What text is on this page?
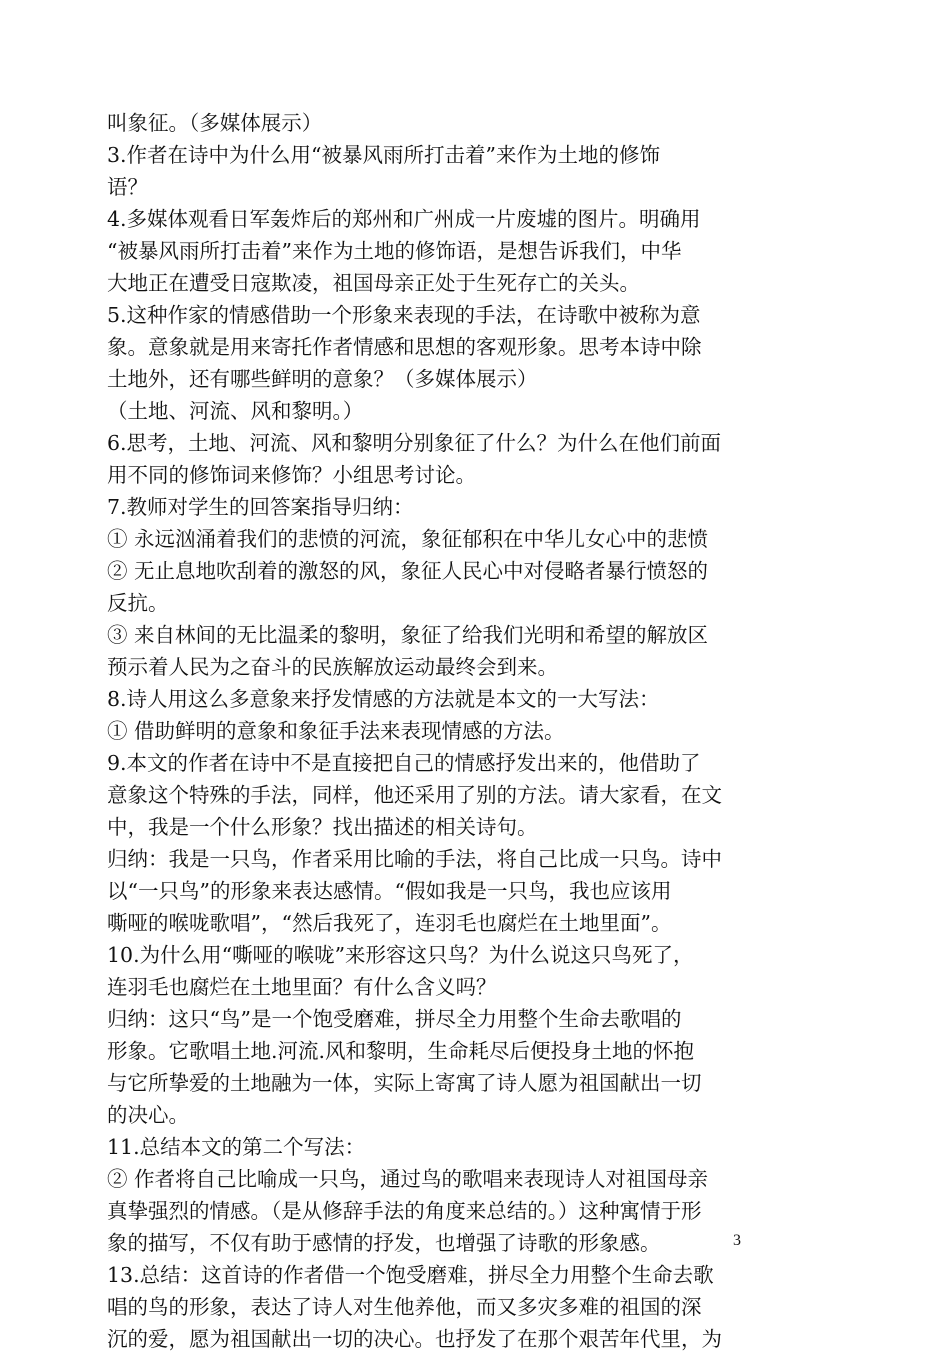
叫象征。（多媒体展示）
3.作者在诗中为什么用“被暴风雨所打击着”来作为土地的修饰
语？
4.多媒体观看日军轰炸后的郑州和广州成一片废墟的图片。明确用
“被暴风雨所打击着”来作为土地的修饰语，是想告诉我们，中华
大地正在遭受日寇欺凌，祖国母亲正处于生死存亡的关头。
5.这种作家的情感借助一个形象来表现的手法，在诗歌中被称为意
象。意象就是用来寄托作者情感和思想的客观形象。思考本诗中除
土地外，还有哪些鲜明的意象？（多媒体展示）
（土地、河流、风和黎明。）
6.思考，土地、河流、风和黎明分别象征了什么？为什么在他们前面
用不同的修饰词来修饰？小组思考讨论。
7.教师对学生的回答案指导归纳：
① 永远汹涌着我们的悲愤的河流，象征郁积在中华儿女心中的悲愤
② 无止息地吹刮着的激怒的风，象征人民心中对侵略者暴行愤怒的
反抗。
③ 来自林间的无比温柔的黎明，象征了给我们光明和希望的解放区
预示着人民为之奋斗的民族解放运动最终会到来。
8.诗人用这么多意象来抒发情感的方法就是本文的一大写法：
① 借助鲜明的意象和象征手法来表现情感的方法。
9.本文的作者在诗中不是直接把自己的情感抒发出来的，他借助了
意象这个特殊的手法，同样，他还采用了别的方法。请大家看，在文
中，我是一个什么形象？找出描述的相关诗句。
归纳：我是一只鸟，作者采用比喻的手法，将自己比成一只鸟。诗中
以“一只鸟”的形象来表达感情。“假如我是一只鸟，我也应该用
嘶哑的喉咙歌唱”，“然后我死了，连羽毛也腐烂在土地里面”。
10.为什么用“嘶哑的喉咙”来形容这只鸟？为什么说这只鸟死了，
连羽毛也腐烂在土地里面？有什么含义吗？
归纳：这只“鸟”是一个饱受磨难，拼尽全力用整个生命去歌唱的
形象。它歌唱土地.河流.风和黎明，生命耗尽后便投身土地的怀抱
与它所挚爱的土地融为一体，实际上寄寓了诗人愿为祖国献出一切
的决心。
11.总结本文的第二个写法：
② 作者将自己比喻成一只鸟，通过鸟的歌唱来表现诗人对祖国母亲
真挚强烈的情感。（是从修辞手法的角度来总结的。）这种寓情于形
象的描写，不仅有助于感情的抒发，也增强了诗歌的形象感。
13.总结：这首诗的作者借一个饱受磨难，拼尽全力用整个生命去歌
唱的鸟的形象，表达了诗人对生他养他，而又多灾多难的祖国的深
沉的爱，愿为祖国献出一切的决心。也抒发了在那个艰苦年代里，为
3
